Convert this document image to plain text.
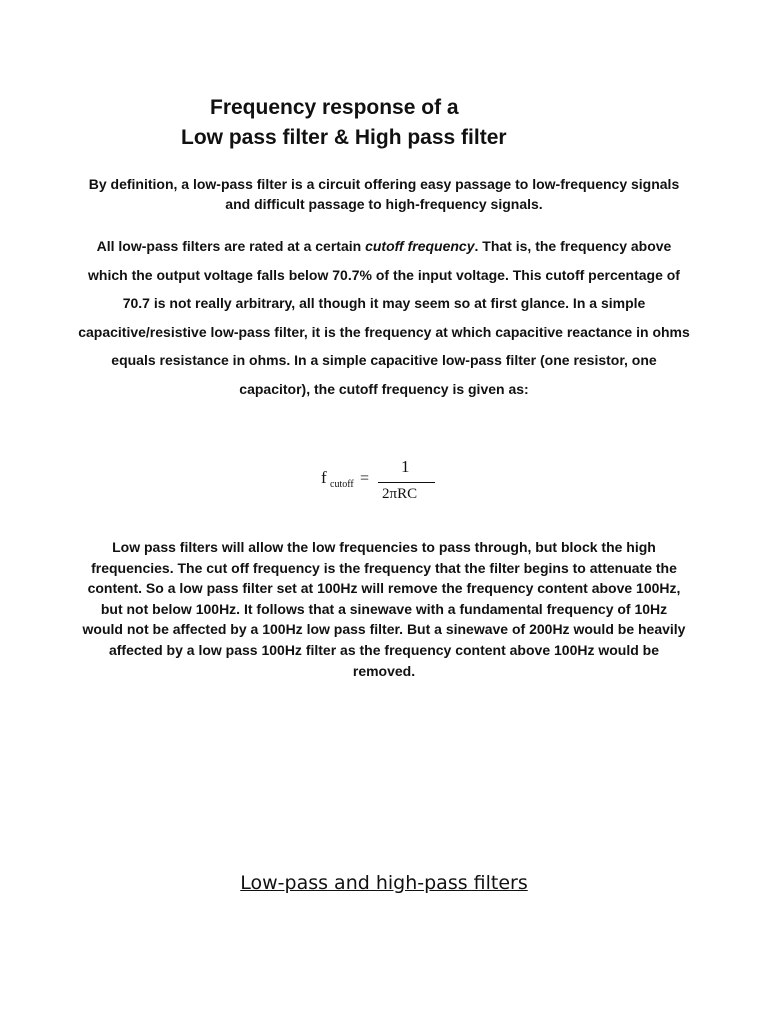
Frequency response of a
Low pass filter & High pass filter

By definition, a low-pass filter is a circuit offering easy passage to low-frequency signals and difficult passage to high-frequency signals.

All low-pass filters are rated at a certain cutoff frequency. That is, the frequency above which the output voltage falls below 70.7% of the input voltage. This cutoff percentage of 70.7 is not really arbitrary, all though it may seem so at first glance. In a simple capacitive/resistive low-pass filter, it is the frequency at which capacitive reactance in ohms equals resistance in ohms. In a simple capacitive low-pass filter (one resistor, one capacitor), the cutoff frequency is given as:

f cutoff =
1
2πRC

Low pass filters will allow the low frequencies to pass through, but block the high frequencies. The cut off frequency is the frequency that the filter begins to attenuate the content. So a low pass filter set at 100Hz will remove the frequency content above 100Hz, but not below 100Hz. It follows that a sinewave with a fundamental frequency of 10Hz would not be affected by a 100Hz low pass filter. But a sinewave of 200Hz would be heavily affected by a low pass 100Hz filter as the frequency content above 100Hz would be removed.

Low-pass and high-pass filters
